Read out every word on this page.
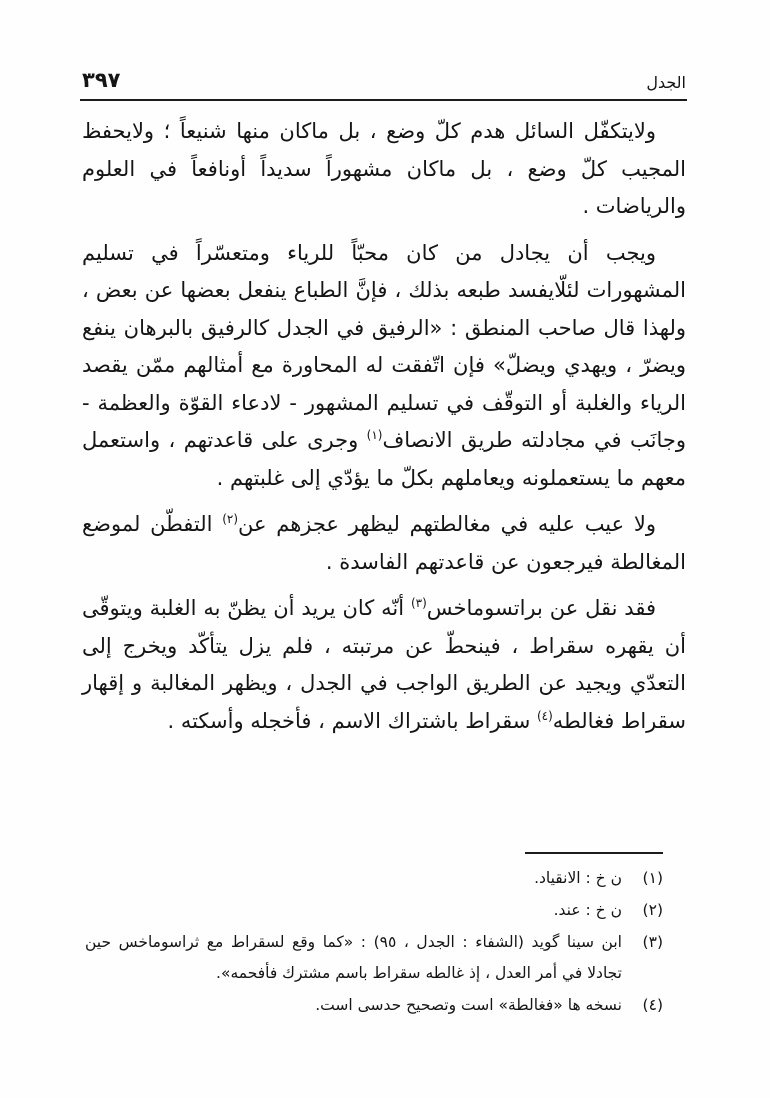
الجدل
٣٩٧

ولايتكفّل السائل هدم كلّ وضع ، بل ماكان منها شنيعاً ؛ ولايحفظ المجيب كلّ وضع ، بل ماكان مشهوراً سديداً أونافعاً في العلوم والرياضات .

ويجب أن يجادل من كان محبّاً للرياء ومتعسّراً في تسليم المشهورات لئلّايفسد طبعه بذلك ، فإنَّ الطباع ينفعل بعضها عن بعض ، ولهذا قال صاحب المنطق : «الرفيق في الجدل كالرفيق بالبرهان ينفع ويضرّ ، ويهدي ويضلّ» فإن اتّفقت له المحاورة مع أمثالهم ممّن يقصد الرياء والغلبة أو التوقّف في تسليم المشهور - لادعاء القوّة والعظمة - وجانَب في مجادلته طريق الانصاف$^{(١)}$ وجرى على قاعدتهم ، واستعمل معهم ما يستعملونه ويعاملهم بكلّ ما يؤدّي إلى غلبتهم .

ولا عيب عليه في مغالطتهم ليظهر عجزهم عن$^{(٢)}$ التفطّن لموضع المغالطة فيرجعون عن قاعدتهم الفاسدة .

فقد نقل عن براتسوماخس$^{(٣)}$ أنّه كان يريد أن يظنّ به الغلبة ويتوقّى أن يقهره سقراط ، فينحطّ عن مرتبته ، فلم يزل يتأكّد ويخرج إلى التعدّي ويجيد عن الطريق الواجب في الجدل ، ويظهر المغالبة و إقهار سقراط فغالطه$^{(٤)}$ سقراط باشتراك الاسم ، فأخجله وأسكته .

(١)
ن خ : الانقياد.
(٢)
ن خ : عند.
(٣)
ابن سينا گويد (الشفاء : الجدل ، ٩٥) : «كما وقع لسقراط مع ثراسوماخس حين تجادلا في أمر العدل ، إذ غالطه سقراط باسم مشترك فأفحمه».
(٤)
نسخه ها «فغالطة» است وتصحيح حدسى است.
